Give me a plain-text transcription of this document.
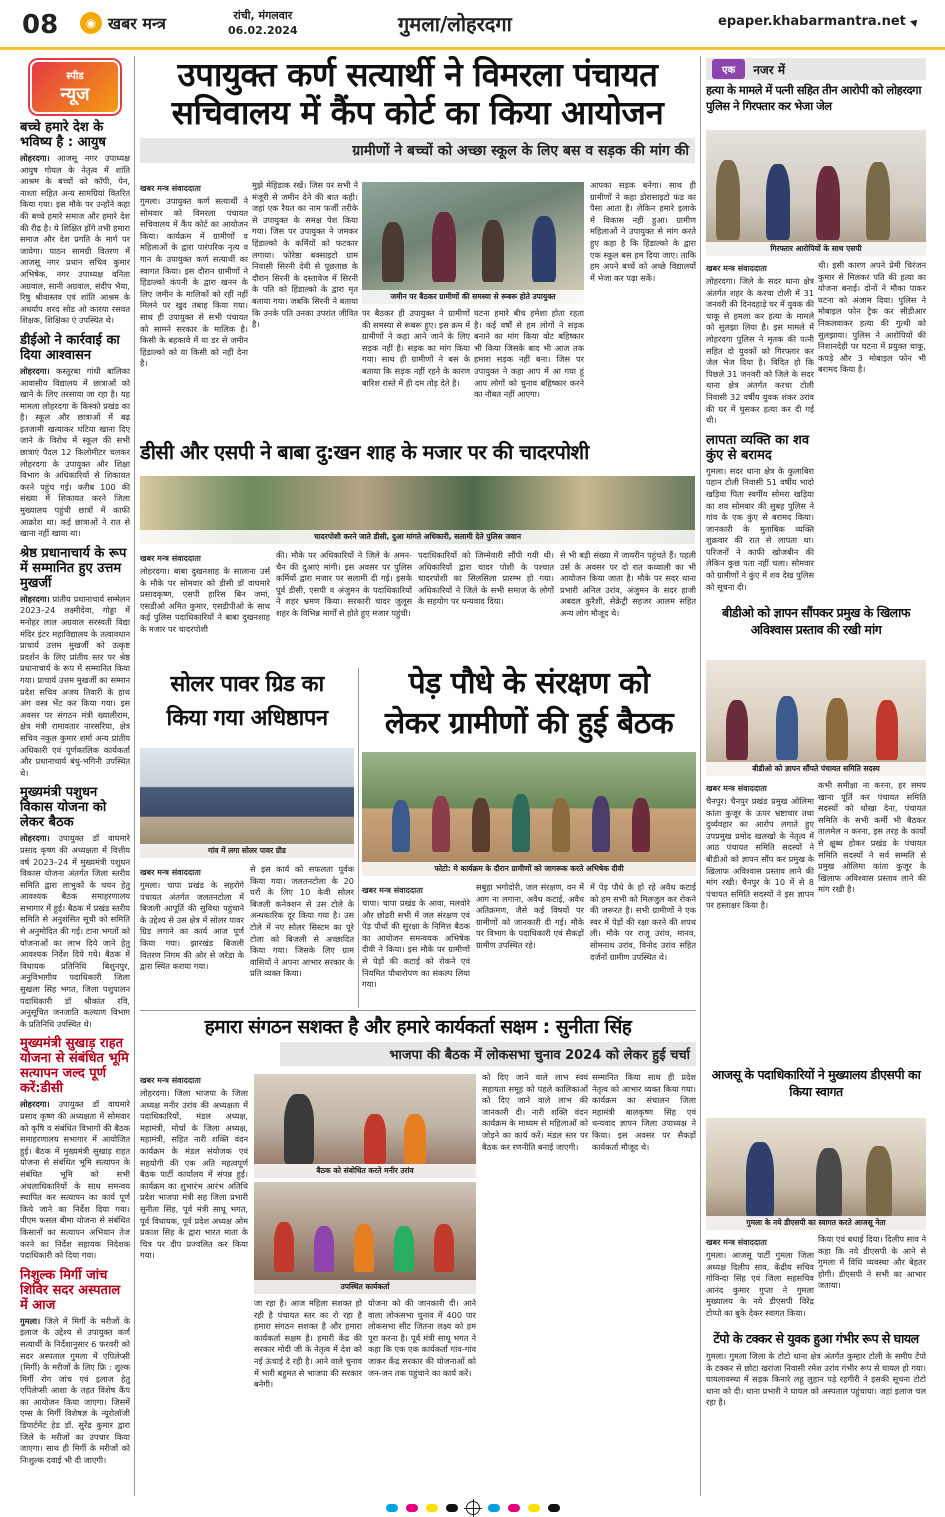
08	◉ खबर मन्त्र	रांची, मंगलवार
06.02.2024	गुमला/लोहरदगा	epaper.khabarmantra.net
स्पीड
न्यूज
बच्चे हमारे देश के भविष्य है : आयुष
लोहरदगा। आजसू नगर उपाध्यक्ष आयुष गोयल के नेतृत्व में शांति आश्रम के बच्चों को कॉपी, पेन, नाश्ता सहित अन्य सामग्रियां वितरित किया गया। इस मौके पर उन्होंने कहा की बच्चे हमारे समाज और हमारे देश की रीढ़ है। ये शिक्षित होंगे तभी हमारा समाज और देश प्रगति के मार्ग पर जायेगा। पाठन सामग्री वितरण में आजसू नगर प्रधान सचिव कुमार अभिषेक, नगर उपाध्यक्ष वनिता अग्रवाल, सानी अग्रवाल, संदीप भैया, रिषु श्रीवास्तव एवं शांति आश्रम के अधर्याप शरद सोड ओ कारया रसवत शिक्षक, शिक्षिका एं उपस्थित थे।
डीईओ ने कार्रवाई का दिया आश्वासन
लोहरदगा। कस्तूरबा गांधी बालिका आवासीय विद्यालय में छात्राओं को खाने के लिए तरसाया जा रहा है। यह मामला लोहरदगा के किस्को प्रखंड का है। स्कूल और छात्राओं में बढ़ इतजामी खत्याकर घटिया खाना दिए जाने के विरोध में स्कूल की सभी छात्राएं पैदल 12 किलोमीटर चलकर लोहरदगा के उपायुक्त और शिक्षा विभाग के अधिकारियों से शिकायत करने पहुंच गई। करीब 100 की संख्या में शिकायत करने जिला मुख्यालय पहुंची छात्रों में काफी आक्रोश था। कई छात्राओं ने रात से खाना नहीं खाया था।
श्रेष्ठ प्रधानाचार्य के रूप में सम्मानित हुए उत्तम मुखर्जी
लोहरदगा। प्रांतीय प्रधानाचार्य सम्मेलन 2023–24 लक्ष्मीदेवा, गोड्डा में मनोहर लाल अग्रवाल सरस्वती विद्या मंदिर इंटर महाविद्यालय के तत्वावधान प्राचार्य उत्तम मुखर्जी को उत्कृष्ट प्रदर्शन के लिए प्रांतीय स्तर पर श्रेष्ठ प्रधानाचार्य के रूप में सम्मानित किया गया। प्राचार्य उत्तम मुखर्जी का सम्मान प्रदेश सचिव अजय तिवारी के हाथ अंग वस्त्र भेंट कर किया गया। इस अवसर पर संगठन मंत्री ख्यालीराम, क्षेत्र मंत्री रामावतार नारसरिया, क्षेत्र सचिव नकुल कुमार शर्मा अन्य प्रांतीय अधिकारी एवं पूर्णकालिक कार्यकर्ता और प्रधानाचार्य बंधु-भगिनी उपस्थित थे।
मुख्यमंत्री पशुधन विकास योजना को लेकर बैठक
लोहरदगा। उपायुक्त डॉ वाघमारे प्रसाद कृष्ण की अध्यक्षता में वित्तीय वर्ष 2023–24 में मुख्यमंत्री पशुधन विकास योजना अंतर्गत जिला स्तरीय समिति द्वारा लाभुकों के चयन हेतु आवश्यक बैठक समाहरणालय सभागार में हुई। बैठक में प्रखंड स्तरीय समिति से अनुशंसित सूची को समिति से अनुमोदित की गई। टाना भगतों को योजनाओं का लाभ दिये जाने हेतु आवश्यक निर्देश दिये गये। बैठक में विधायक प्रतिनिधि बिशुनपुर, अनुविभागीय पदाधिकारी जिला सुखला सिंह भगत, जिला पशुपालन पदाधिकारी डॉ श्रीकांत रवि, अनुसूचित जनजाति कल्याण विभाग के प्रतिनिधि उपस्थित थे।
मुख्यमंत्री सुखाड़ राहत योजना से संबंधित भूमि सत्यापन जल्द पूर्ण करें:डीसी
लोहरदगा। उपायुक्त डॉ वाघमारे प्रसाद कृष्ण की अध्यक्षता में सोमवार को कृषि व संबंधित विभागों की बैठक समाहरणालय सभागार में आयोजित हुई। बैठक में मुख्यमंत्री सुखाड़ राहत योजना से संबंधित भूमि सत्यापन के संबंधित भूमि को सभी अंचलाधिकारियों के साथ समन्वय स्थापित कर सत्यापन का कार्य पूर्ण किये जाने का निर्देश दिया गया। पीएम फसल बीमा योजना से संबंधित किसानों का सत्यापन अभियान तेज करने का निर्देश सहायक निदेशक पदाधिकारी को दिया गया।
निशुल्क मिर्गी जांच शिविर सदर अस्पताल में आज
गुमला। जिले में मिर्गी के मरीजों के इलाज के उद्देश्य से उपायुक्त कर्ण सत्यार्थी के निर्देशानुसार 6 फरवरी को सदर अस्पताल गुमला में एपिलेप्सी (मिर्गी) के मरीजों के लिए फ्रि : शुल्क मिर्गी रोग जांच एवं इलाज हेतु एपिलेप्सी आशा के तहत विशेष कैंप का आयोजन किया जाएगा। जिसमें एम्स के मिर्गी विशेषज्ञ के न्यूरोलॉजी डिपार्टमेंट हेड डॉ. सुरेंद्र कुमार द्वारा जिले के मरीजों का उपचार किया जाएगा। साथ ही मिर्गी के मरीजों को निःशुल्क दवाई भी दी जाएगी।
उपायुक्त कर्ण सत्यार्थी ने विमरला पंचायत
सचिवालय में कैंप कोर्ट का किया आयोजन
ग्रामीणों ने बच्चों को अच्छा स्कूल के लिए बस व सड़क की मांग की
खबर मन्त्र संवाददाता
गुमला। उपायुक्त कर्ण सत्यार्थी ने सोमवार को विमरला पंचायत सचिवालय में कैंप कोर्ट का आयोजन किया। कार्यक्रम में ग्रामीणों व महिलाओं के द्वारा पारंपरिक नृत्य व गान के उपायुक्त कर्ण सत्यार्थी का स्वागत किया। इस दौरान ग्रामीणों ने हिंडाल्को कंपनी के द्वारा खनन के लिए जमीन के मालिकों को रहीं नहीं मिलने पर खुद तबाह किया गया। साथ ही उपायुक्त से सभी पंचायत को सामने सरकार के मालिक है। किसी के बहकावे में या डर से जमीन हिंडाल्को को या किसी को नहीं देना है।
मुझे मेहिडाक रखें। जिस पर सभी ने मंजूरी से जमीन देने की बात कही। जहां एक रैयत का नाम फर्जी तरीके से उपायुक्त के समक्ष पेश किया गया। जिस पर उपायुक्त ने जमकर हिंडाल्को के कर्मियों को फटकार लगाया। फोरेष्ठा बक्साइटो ग्राम निवासी सिरनी देवी से पूछताछ के दौरान सिरनी के दस्तावेज में सिरनी के पति को हिंडाल्को के द्वारा मृत बताया गया। जबकि सिरनी ने बताया कि उनके पति उनका उपरांत जीवित है।
जमीन पर बैठकर ग्रामीणों की समस्या से रूबरू होते उपायुक्त
पर बैठकर ही उपायुक्त ने ग्रामीणों की समस्या से रूबरू हुए। इस क्रम में ग्रामीणों ने कहा आने जाने के लिए सड़क नहीं है। सड़क का मांग किया गया। साथ ही ग्रामीणों ने बस के बताया कि सड़क नहीं रहने के कारण बारिश रास्ते में ही दम तोड़ देते है।
घटना हमारे बीच हमेशा होता रहता है। कई वर्षों से हम लोगों ने सड़क बनाने का मांग किया वोट बहिष्कार भी किया जिसके बाद भी आज तक हमारा सड़क नहीं बना। जिस पर उपायुक्त ने कहा आप में आ गया हूं आप लोगों को चुनाव बहिष्कार करने का नौबत नहीं आएगा।
आपका सड़क बनेगा। साथ ही ग्रामीणों ने कहा डोरासाइटो फंड का पैसा आता है। लेकिन हमारे इलाके में विकास नहीं हुआ। ग्रामीण महिलाओं ने उपायुक्त से मांग करते हुए कहा है कि हिंडाल्को के द्वारा एक स्कूल बस हम दिया जाए। ताकि हम अपने बच्चें को अच्छे विद्यालयों में भेजा कर पढ़ा सकें।
डीसी और एसपी ने बाबा दु:खन शाह के मजार पर की चादरपोशी
चादरपोशी करने जाते डीसी, दुआ मांगते अधिकारी, सलामी देते पुलिस जवान
खबर मन्त्र संवाददाता
लोहरदगा। बाबा दुखनशाह के सालाना उर्स के मौके पर सोमवार को डीसी डॉ वाघमारे प्रसादकृष्ण, एसपी हारिस बिन जमां, एसडीओ अमित कुमार, एसडीपीओ के साथ कई पुलिस पदाधिकारियों ने बाबा दुखनशाह के मजार पर चादरपोशी
की। मौके पर अधिकारियों ने जिले के अमन-चैन की दुआएं मांगी। इस अवसर पर पुलिस कर्मियों द्वारा मजार पर सलामी दी गई। इसके पूर्व डीसी, एसपी व अंजुमन के पदाधिकारियों ने शहर भ्रमण किया। सरकारी चादर जुलूस शहर के विभिन्न मार्गों से होते हुए मजार पहुंची।
पदाधिकारियों को जिम्मेवारी सौंपी गयी थी। अधिकारियों द्वारा चादर पोशी के पश्चात चादरपोशी का सिलसिला प्रारम्भ हो गया। अधिकारियों ने जिले के सभी समाज के लोगों के सहयोग पर धन्यवाद दिया।
से भी बड़ी संख्या में जायरीन पहुंचते हैं। पहली उर्स के अवसर पर दो रात कव्वाली का भी आयोजन किया जाता है। मौके पर सदर थाना प्रभारी अनिल उरांव, अंजुमन के सदर हाजी अबदल कुरैशी, सेक्रेट्री सहजर आलम सहित अन्य लोग मौजूद थे।
सोलर पावर ग्रिड का
किया गया अधिष्ठापन
गांव में लगा सोलर पावर ग्रीड
खबर मन्त्र संवाददाता
गुमला। चापा प्रखंड के सहरोगे पंचायत अंतर्गत जलतनटोला में बिजली आपूर्ति की सुविधा पहुंचाने के उद्देश्य से उस क्षेत्र में सोलर पावर ग्रिड लगाने का कार्य आज पूर्ण किया गया। झारखंड बिजली वितरण निगम की ओर से जरेडा के द्वारा स्थित कराया गया।
से इस कार्य को सफलता पूर्वक किया गया। जलतनटोला के 20 घरों के लिए 10 केवी सोलर बिजली कनेक्शन से उस टोले के अन्धकारिक दूर किया गया है। उस टोले में नए सोलर सिस्टम का पूरे टोला को बिजली से अच्छादित किया गया। जिसके लिए ग्राम वासियों ने अपना आभार सरकार के प्रति व्यक्त किया।
पेड़ पौधे के संरक्षण को
लेकर ग्रामीणों की हुई बैठक
फोटो: मे कार्यक्रम के दौरान ग्रामीणों को जागरूक करते अभिषेक दीवी
खबर मन्त्र संवाददाता
चापा। चापा प्रखंड के आवा, मलवोरे और छोडरी सभी में जल संरक्षण एवं पेड़ पौधों की सुरक्षा के निमित्त बैठक का आयोजन समन्वयक अभिषेक दीवी ने किया। इस मौके पर ग्रामीणों से पेड़ों की कटाई को रोकने एवं नियमित पौधारोपण का संकल्प लिया गया।
सबुहा भगोदोरी, जल संरक्षण, वन में आग ना लगाना, अवैध कटाई, अवैध अतिक्रमण, जैसे कई विषयों पर ग्रामीणों को जानकारी दी गई। मौके पर विभाग के पदाधिकारी एवं सैकड़ों ग्रामीण उपस्थित रहे।
में पेड़ पौधे के हो रहे अवैध कटाई को हम सभी को मिलजुल कर रोकने की जरूरत है। सभी ग्रामीणों ने एक स्वर में पेड़ों की रक्षा करने की शपथ ली। मौके पर राजू उरांव, मानव, सोमनाथ उरांव, विनोद उरांव सहित दर्जनों ग्रामीण उपस्थित थे।
हमारा संगठन सशक्त है और हमारे कार्यकर्ता सक्षम : सुनीता सिंह
भाजपा की बैठक में लोकसभा चुनाव 2024 को लेकर हुई चर्चा
खबर मन्त्र संवाददाता
लोहरदगा। जिला भाजपा के जिला अध्यक्ष मनीर उरांव की अध्यक्षता में पदाधिकारियों, मंडल अध्यक्ष, महामंत्री, मोर्चा के जिला अध्यक्ष, महामंत्री, सहित नारी शक्ति वंदन कार्यक्रम के मंडल संयोजक एवं सहयोगी की एक अति महत्वपूर्ण बैठक पार्टी कार्यालय में संपन्न हुई। कार्यक्रम का शुभारंभ आरंभ अतिथि प्रदेश भाजपा मंत्री सह जिला प्रभारी सुनीता सिंह, पूर्व मंत्री साधू भगत, पूर्व विधायक, पूर्व प्रदेश अध्यक्ष ओम प्रकाश सिंह के द्वारा भारत माता के चित्र पर दीप प्रज्वलित कर किया गया।
बैठक को संबोधित करते मनीर उरांव
उपस्थित कार्यकर्ता
जा रहा है। आज महिला सशक्त हो रही है पंचायत स्तर का रो रहा है हमारा संगठन सशक्त है और हमारा कार्यकर्ता सक्षम है। हमारी केंद्र की सरकार मोदी जी के नेतृत्व में देश को नई ऊंचाई दे रही है। आने वाले चुनाव में भारी बहुमत से भाजपा की सरकार बनेगी।
योजना को की जानकारी दी। आने वाला लोकसभा चुनाव में 400 पार लोकसभा सीट जितना लक्ष्य को हम पूरा करना है। पूर्व मंत्री साधू भगत ने कहा कि एक एक कार्यकर्ता गांव-गांव जाकर केंद्र सरकार की योजनाओं को जन-जन तक पहुंचाने का कार्य करें।
को दिए जाने वाले लाभ स्वयं सहायता समूह को पहले कालिकाओं को दिए जाने वाले लाभ की जानकारी दी। नारी शक्ति वंदन कार्यक्रम के माध्यम से महिलाओं को जोड़ने का कार्य करें। मंडल स्तर पर बैठक कर रणनीति बनाई जाएगी।
सम्मानित किया साथ ही प्रदेश नेतृत्व को आभार व्यक्त किया गया। कार्यक्रम का संचालन जिला महामंत्री बालकृष्ण सिंह एवं धन्यवाद ज्ञापन जिला उपाध्यक्ष ने किया। इस अवसर पर सैकड़ों कार्यकर्ता मौजूद थे।
एक	नजर में
हत्या के मामले में पत्नी सहित तीन आरोपी को लोहरदगा पुलिस ने गिरफ्तार कर भेजा जेल
गिरफ्तार आरोपियों के साथ एसपी
खबर मन्त्र संवाददाता
लोहरदगा। जिले के सदर थाना क्षेत्र अंतर्गत शहर के करचा टोली में 31 जनवरी की दिनदहाड़े घर में युवक की चाकू से हमला कर हत्या के मामले को सुलझा लिया है। इस मामले में लोहरदगा पुलिस ने मृतक की पत्नी सहित दो युवकों को गिरफ्तार कर जेल भेज दिया है। विदित हो कि पिछले 31 जनवरी को जिले के सदर थाना क्षेत्र अंतर्गत करचा टोली निवासी 32 वर्षीय युवक शंकर उरांव की घर में घुसकर हत्या कर दी गई थी।
लापता व्यक्ति का शव कुंए से बरामद
गुमला। सदर थाना क्षेत्र के कुलाबिरा पहान टोली निवासी 51 वर्षीय भादो खड़िया पिता स्वर्गीय सोमरा खड़िया का शव सोमवार की सुबह पुलिस ने गांव के एक कुंए से बरामद किया। जानकारी के मुताबिक व्यक्ति शुक्रवार की रात से लापता था। परिजनों ने काफी खोजबीन की लेकिन कुछ पता नहीं चला। सोमवार को ग्रामीणों ने कुंए में शव देख पुलिस को सूचना दी।
थी। इसी कारण अपने प्रेमी चिरंजन कुमार से मिलकर पति की हत्या का योजना बनाई। दोनों ने मौका पाकर घटना को अंजाम दिया। पुलिस ने मोबाइल फोन ट्रैक कर सीडीआर निकलवाकर हत्या की गुत्थी को सुलझाया। पुलिस ने आरोपियों की निशानदेही पर घटना में प्रयुक्त चाकू, कपड़े और 3 मोबाइल फोन भी बरामद किया है।
बीडीओ को ज्ञापन सौंपकर प्रमुख के खिलाफ अविश्वास प्रस्ताव की रखी मांग
बीडीओ को ज्ञापन सौंपते पंचायत समिति सदस्य
खबर मन्त्र संवाददाता
चैनपुर। चैनपुर प्रखंड प्रमुख ओलिमा कांता कुजूर के ऊपर भ्रष्टाचार तथा दुर्व्यवहार का आरोप लगाते हुए उपप्रमुख प्रमोद खलखो के नेतृत्व में आठ पंचायत समिति सदस्यों ने बीडीओ को ज्ञापन सौंप कर प्रमुख के खिलाफ अविश्वास प्रस्ताव लाने की मांग रखी। चैनपुर के 10 में से 8 पंचायत समिति सदस्यों ने इस ज्ञापन पर हस्ताक्षर किया है।
कभी समीक्षा ना करना, हर समय खाना पूर्ति कर पंचायत समिति सदस्यों को धोखा देना, पंचायत समिति के सभी कर्मी भी बैठकर तालमेल न करना, इस तरह के कार्यों से क्षुब्ध होकर प्रखंड के पंचायत समिति सदस्यों ने सर्व सम्मति से प्रमुख ओलिमा कांता कुजूर के खिलाफ अविश्वास प्रस्ताव लाने की मांग रखी है।
आजसू के पदाधिकारियों ने मुख्यालय डीएसपी का किया स्वागत
गुमला के नये डीएसपी का स्वागत करते आजसू नेता
खबर मन्त्र संवाददाता
गुमला। आजसू पार्टी गुमला जिला अध्यक्ष दिलीप साव, केंद्रीय सचिव गोविन्दा सिंह एवं जिला सहसचिव आनंद कुमार गुप्ता ने गुमला मुख्यालय के नये डीएसपी विरेंद्र टोप्पो का बुके देकर स्वागत किया।
किया एवं बधाई दिया। दिलीप साव ने कहा कि नये डीएसपी के आने से गुमला में विधि व्यवस्था और बेहतर होगी। डीएसपी ने सभी का आभार जताया।
टेंपो के टक्कर से युवक हुआ गंभीर रूप से घायल
गुमला। गुमला जिला के टोटो थाना क्षेत्र अंतर्गत कुम्हार टोली के समीप टेंपो के टक्कर से छोटा खरांजा निवासी रमेश उरांव गंभीर रूप से घायल हो गया। घायलावस्था में सड़क किनारे लहू लुहान पड़े रहगीरी ने इसकी सूचना टोटो थाना को दी। थाना प्रभारी ने घायल को अस्पताल पहुंचाया। जहां इलाज चल रहा है।
